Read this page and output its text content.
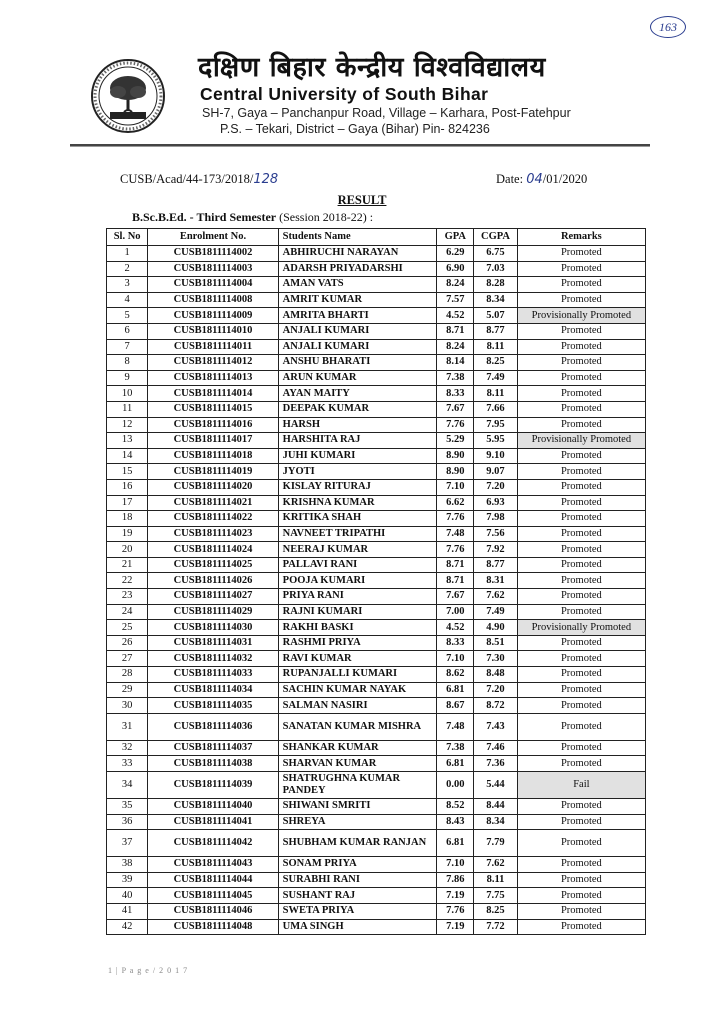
163
दक्षिण बिहार केन्द्रीय विश्वविद्यालय
Central University of South Bihar
SH-7, Gaya – Panchanpur Road, Village – Karhara, Post-Fatehpur
P.S. – Tekari, District – Gaya (Bihar) Pin- 824236
CUSB/Acad/44-173/2018/128	Date: 04/01/2020
RESULT
B.Sc.B.Ed. - Third Semester (Session 2018-22) :
Sl. No	Enrolment No.	Students Name	GPA	CGPA	Remarks
1	CUSB1811114002	ABHIRUCHI NARAYAN	6.29	6.75	Promoted
2	CUSB1811114003	ADARSH PRIYADARSHI	6.90	7.03	Promoted
3	CUSB1811114004	AMAN VATS	8.24	8.28	Promoted
4	CUSB1811114008	AMRIT KUMAR	7.57	8.34	Promoted
5	CUSB1811114009	AMRITA BHARTI	4.52	5.07	Provisionally Promoted
6	CUSB1811114010	ANJALI KUMARI	8.71	8.77	Promoted
7	CUSB1811114011	ANJALI KUMARI	8.24	8.11	Promoted
8	CUSB1811114012	ANSHU BHARATI	8.14	8.25	Promoted
9	CUSB1811114013	ARUN KUMAR	7.38	7.49	Promoted
10	CUSB1811114014	AYAN MAITY	8.33	8.11	Promoted
11	CUSB1811114015	DEEPAK KUMAR	7.67	7.66	Promoted
12	CUSB1811114016	HARSH	7.76	7.95	Promoted
13	CUSB1811114017	HARSHITA RAJ	5.29	5.95	Provisionally Promoted
14	CUSB1811114018	JUHI KUMARI	8.90	9.10	Promoted
15	CUSB1811114019	JYOTI	8.90	9.07	Promoted
16	CUSB1811114020	KISLAY RITURAJ	7.10	7.20	Promoted
17	CUSB1811114021	KRISHNA KUMAR	6.62	6.93	Promoted
18	CUSB1811114022	KRITIKA SHAH	7.76	7.98	Promoted
19	CUSB1811114023	NAVNEET TRIPATHI	7.48	7.56	Promoted
20	CUSB1811114024	NEERAJ KUMAR	7.76	7.92	Promoted
21	CUSB1811114025	PALLAVI RANI	8.71	8.77	Promoted
22	CUSB1811114026	POOJA KUMARI	8.71	8.31	Promoted
23	CUSB1811114027	PRIYA RANI	7.67	7.62	Promoted
24	CUSB1811114029	RAJNI KUMARI	7.00	7.49	Promoted
25	CUSB1811114030	RAKHI BASKI	4.52	4.90	Provisionally Promoted
26	CUSB1811114031	RASHMI PRIYA	8.33	8.51	Promoted
27	CUSB1811114032	RAVI KUMAR	7.10	7.30	Promoted
28	CUSB1811114033	RUPANJALLI KUMARI	8.62	8.48	Promoted
29	CUSB1811114034	SACHIN KUMAR NAYAK	6.81	7.20	Promoted
30	CUSB1811114035	SALMAN NASIRI	8.67	8.72	Promoted
31	CUSB1811114036	SANATAN KUMAR MISHRA	7.48	7.43	Promoted
32	CUSB1811114037	SHANKAR KUMAR	7.38	7.46	Promoted
33	CUSB1811114038	SHARVAN KUMAR	6.81	7.36	Promoted
34	CUSB1811114039	SHATRUGHNA KUMAR PANDEY	0.00	5.44	Fail
35	CUSB1811114040	SHIWANI SMRITI	8.52	8.44	Promoted
36	CUSB1811114041	SHREYA	8.43	8.34	Promoted
37	CUSB1811114042	SHUBHAM KUMAR RANJAN	6.81	7.79	Promoted
38	CUSB1811114043	SONAM PRIYA	7.10	7.62	Promoted
39	CUSB1811114044	SURABHI RANI	7.86	8.11	Promoted
40	CUSB1811114045	SUSHANT RAJ	7.19	7.75	Promoted
41	CUSB1811114046	SWETA PRIYA	7.76	8.25	Promoted
42	CUSB1811114048	UMA SINGH	7.19	7.72	Promoted
1 | P a g e / 2 0 1 7
